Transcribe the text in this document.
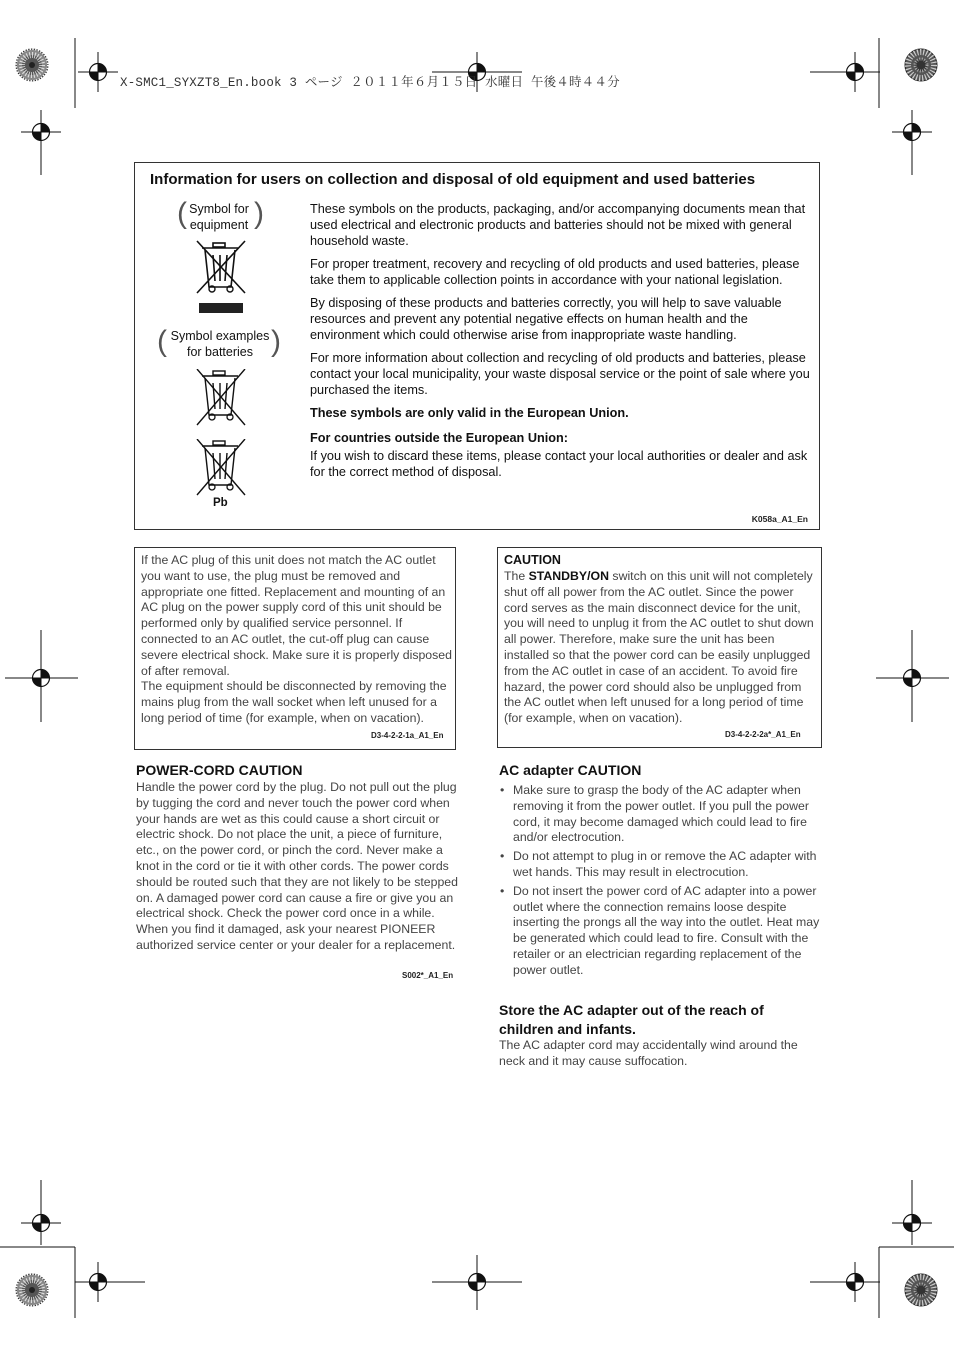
X-SMC1_SYXZT8_En.book 3 ページ ２０１１年６月１５日 水曜日 午後４時４４分
Information for users on collection and disposal of old equipment and used batteries
( Symbol for
equipment )
( Symbol examples
for batteries )
Pb

These symbols on the products, packaging, and/or accompanying documents mean that used electrical and electronic products and batteries should not be mixed with general household waste.

For proper treatment, recovery and recycling of old products and used batteries, please take them to applicable collection points in accordance with your national legislation.

By disposing of these products and batteries correctly, you will help to save valuable resources and prevent any potential negative effects on human health and the environment which could otherwise arise from inappropriate waste handling.

For more information about collection and recycling of old products and batteries, please contact your local municipality, your waste disposal service or the point of sale where you purchased the items.

These symbols are only valid in the European Union.

For countries outside the European Union:

If you wish to discard these items, please contact your local authorities or dealer and ask for the correct method of disposal.

K058a_A1_En

If the AC plug of this unit does not match the AC outlet you want to use, the plug must be removed and appropriate one fitted. Replacement and mounting of an AC plug on the power supply cord of this unit should be performed only by qualified service personnel. If connected to an AC outlet, the cut-off plug can cause severe electrical shock. Make sure it is properly disposed of after removal.

The equipment should be disconnected by removing the mains plug from the wall socket when left unused for a long period of time (for example, when on vacation).

D3-4-2-2-1a_A1_En
CAUTION

The STANDBY/ON switch on this unit will not completely shut off all power from the AC outlet. Since the power cord serves as the main disconnect device for the unit, you will need to unplug it from the AC outlet to shut down all power. Therefore, make sure the unit has been installed so that the power cord can be easily unplugged from the AC outlet in case of an accident. To avoid fire hazard, the power cord should also be unplugged from the AC outlet when left unused for a long period of time (for example, when on vacation).

D3-4-2-2-2a*_A1_En
POWER-CORD CAUTION

Handle the power cord by the plug. Do not pull out the plug by tugging the cord and never touch the power cord when your hands are wet as this could cause a short circuit or electric shock. Do not place the unit, a piece of furniture, etc., on the power cord, or pinch the cord. Never make a knot in the cord or tie it with other cords. The power cords should be routed such that they are not likely to be stepped on. A damaged power cord can cause a fire or give you an electrical shock. Check the power cord once in a while. When you find it damaged, ask your nearest PIONEER authorized service center or your dealer for a replacement.

S002*_A1_En
AC adapter CAUTION
• Make sure to grasp the body of the AC adapter when removing it from the power outlet. If you pull the power cord, it may become damaged which could lead to fire and/or electrocution.
• Do not attempt to plug in or remove the AC adapter with wet hands. This may result in electrocution.
• Do not insert the power cord of AC adapter into a power outlet where the connection remains loose despite inserting the prongs all the way into the outlet. Heat may be generated which could lead to fire. Consult with the retailer or an electrician regarding replacement of the power outlet.
Store the AC adapter out of the reach of
children and infants.

The AC adapter cord may accidentally wind around the neck and it may cause suffocation.
